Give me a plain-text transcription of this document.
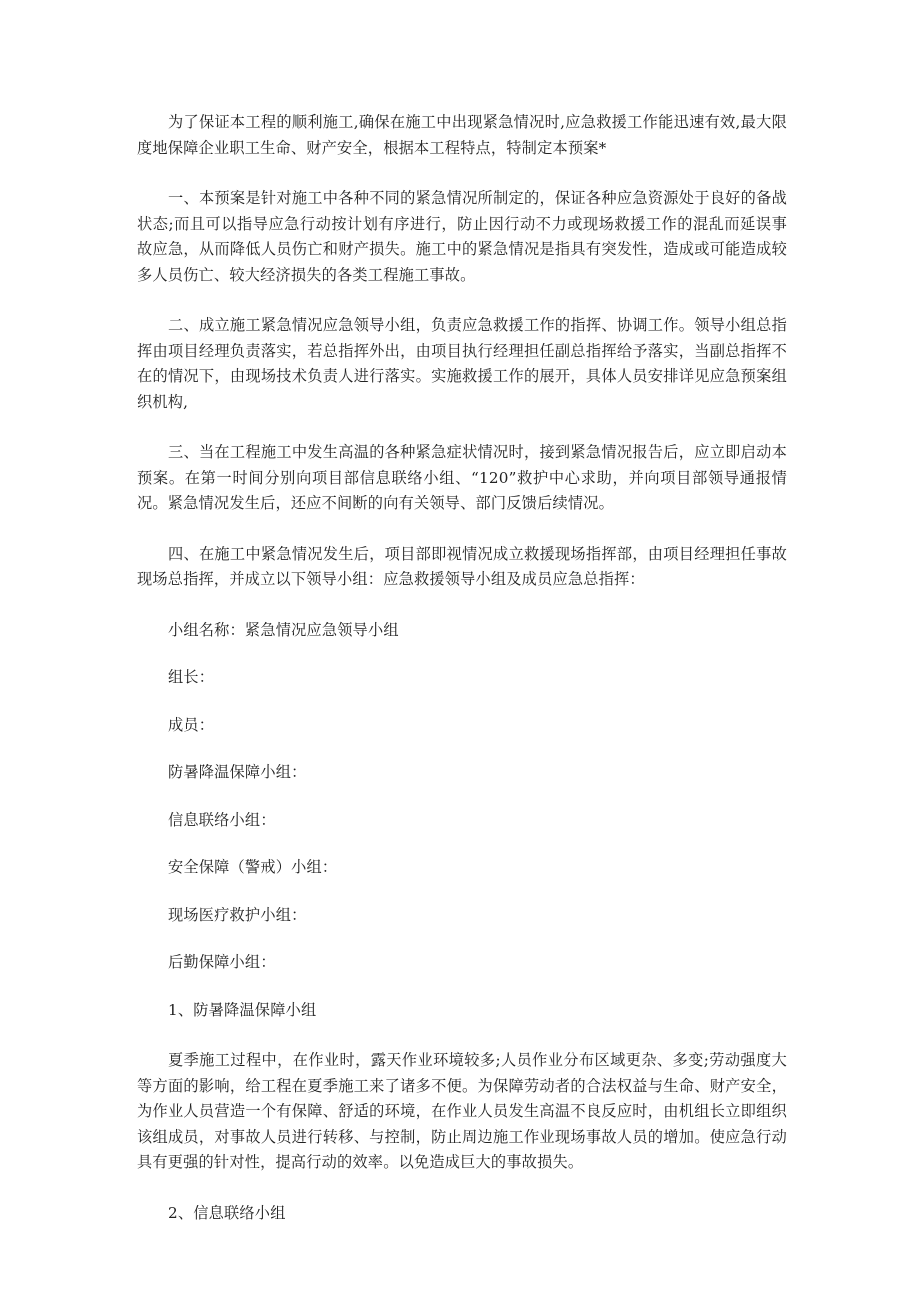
为了保证本工程的顺利施工,确保在施工中出现紧急情况时,应急救援工作能迅速有效,最大限度地保障企业职工生命、财产安全，根据本工程特点，特制定本预案*

一、本预案是针对施工中各种不同的紧急情况所制定的，保证各种应急资源处于良好的备战状态;而且可以指导应急行动按计划有序进行，防止因行动不力或现场救援工作的混乱而延误事故应急，从而降低人员伤亡和财产损失。施工中的紧急情况是指具有突发性，造成或可能造成较多人员伤亡、较大经济损失的各类工程施工事故。

二、成立施工紧急情况应急领导小组，负责应急救援工作的指挥、协调工作。领导小组总指挥由项目经理负责落实，若总指挥外出，由项目执行经理担任副总指挥给予落实，当副总指挥不在的情况下，由现场技术负责人进行落实。实施救援工作的展开，具体人员安排详见应急预案组织机构,

三、当在工程施工中发生高温的各种紧急症状情况时，接到紧急情况报告后，应立即启动本预案。在第一时间分别向项目部信息联络小组、“120”救护中心求助，并向项目部领导通报情况。紧急情况发生后，还应不间断的向有关领导、部门反馈后续情况。

四、在施工中紧急情况发生后，项目部即视情况成立救援现场指挥部，由项目经理担任事故现场总指挥，并成立以下领导小组：应急救援领导小组及成员应急总指挥：

小组名称：紧急情况应急领导小组

组长：

成员：

防暑降温保障小组：

信息联络小组：

安全保障（警戒）小组：

现场医疗救护小组：

后勤保障小组：

1、防暑降温保障小组

夏季施工过程中，在作业时，露天作业环境较多;人员作业分布区域更杂、多变;劳动强度大等方面的影响，给工程在夏季施工来了诸多不便。为保障劳动者的合法权益与生命、财产安全，为作业人员营造一个有保障、舒适的环境，在作业人员发生高温不良反应时，由机组长立即组织该组成员，对事故人员进行转移、与控制，防止周边施工作业现场事故人员的增加。使应急行动具有更强的针对性，提高行动的效率。以免造成巨大的事故损失。

2、信息联络小组
